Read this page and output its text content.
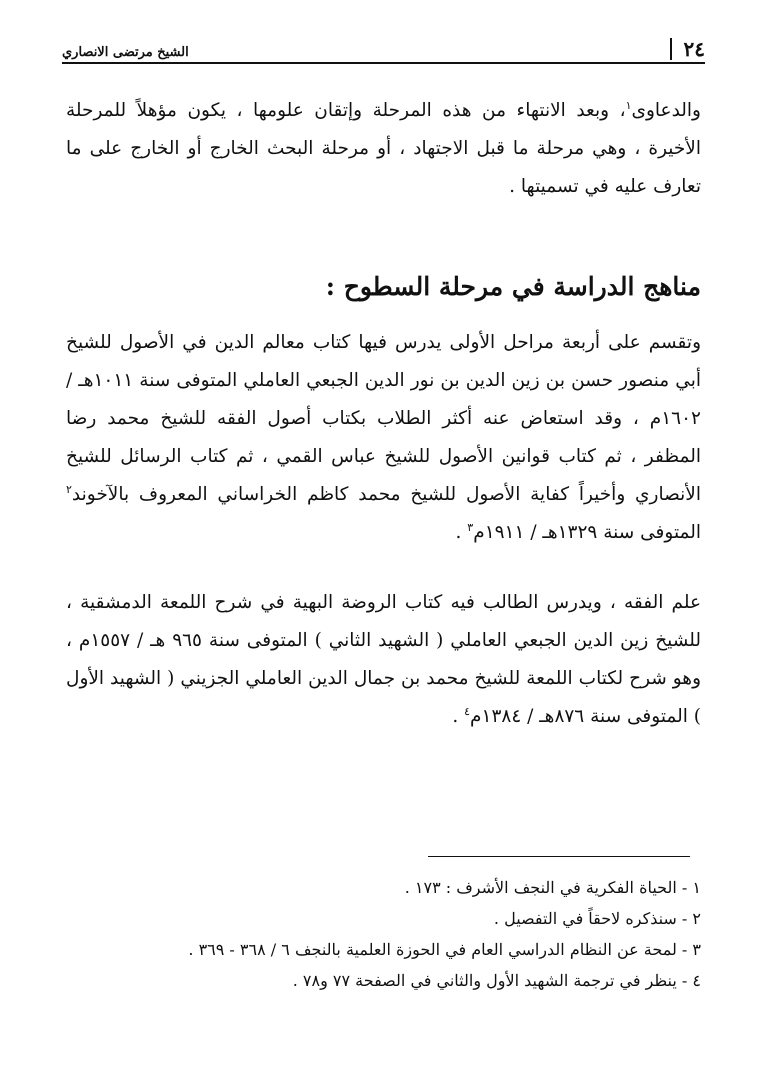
٢٤
الشيخ مرتضى الانصاري

والدعاوى$^١$، وبعد الانتهاء من هذه المرحلة وإتقان علومها ، يكون مؤهلاً للمرحلة الأخيرة ، وهي مرحلة ما قبل الاجتهاد ، أو مرحلة البحث الخارج أو الخارج على ما تعارف عليه في تسميتها .

مناهج الدراسة في مرحلة السطوح :

وتقسم على أربعة مراحل الأولى يدرس فيها كتاب معالم الدين في الأصول للشيخ أبي منصور حسن بن زين الدين بن نور الدين الجبعي العاملي المتوفى سنة ١٠١١هـ / ١٦٠٢م ، وقد استعاض عنه أكثر الطلاب بكتاب أصول الفقه للشيخ محمد رضا المظفر ، ثم كتاب قوانين الأصول للشيخ عباس القمي ، ثم كتاب الرسائل للشيخ الأنصاري وأخيراً كفاية الأصول للشيخ محمد كاظم الخراساني المعروف بالآخوند$^٢$ المتوفى سنة ١٣٢٩هـ / ١٩١١م$^٣$ .

علم الفقه ، ويدرس الطالب فيه كتاب الروضة البهية في شرح اللمعة الدمشقية ، للشيخ زين الدين الجبعي العاملي ( الشهيد الثاني ) المتوفى سنة ٩٦٥ هـ / ١٥٥٧م ، وهو شرح لكتاب اللمعة للشيخ محمد بن جمال الدين العاملي الجزيني ( الشهيد الأول ) المتوفى سنة ٨٧٦هـ / ١٣٨٤م$^٤$ .

١ - الحياة الفكرية في النجف الأشرف : ١٧٣ .

٢ - سنذكره لاحقاً في التفصيل .

٣ - لمحة عن النظام الدراسي العام في الحوزة العلمية بالنجف ٦ / ٣٦٨ - ٣٦٩ .

٤ - ينظر في ترجمة الشهيد الأول والثاني في الصفحة ٧٧ و٧٨ .
